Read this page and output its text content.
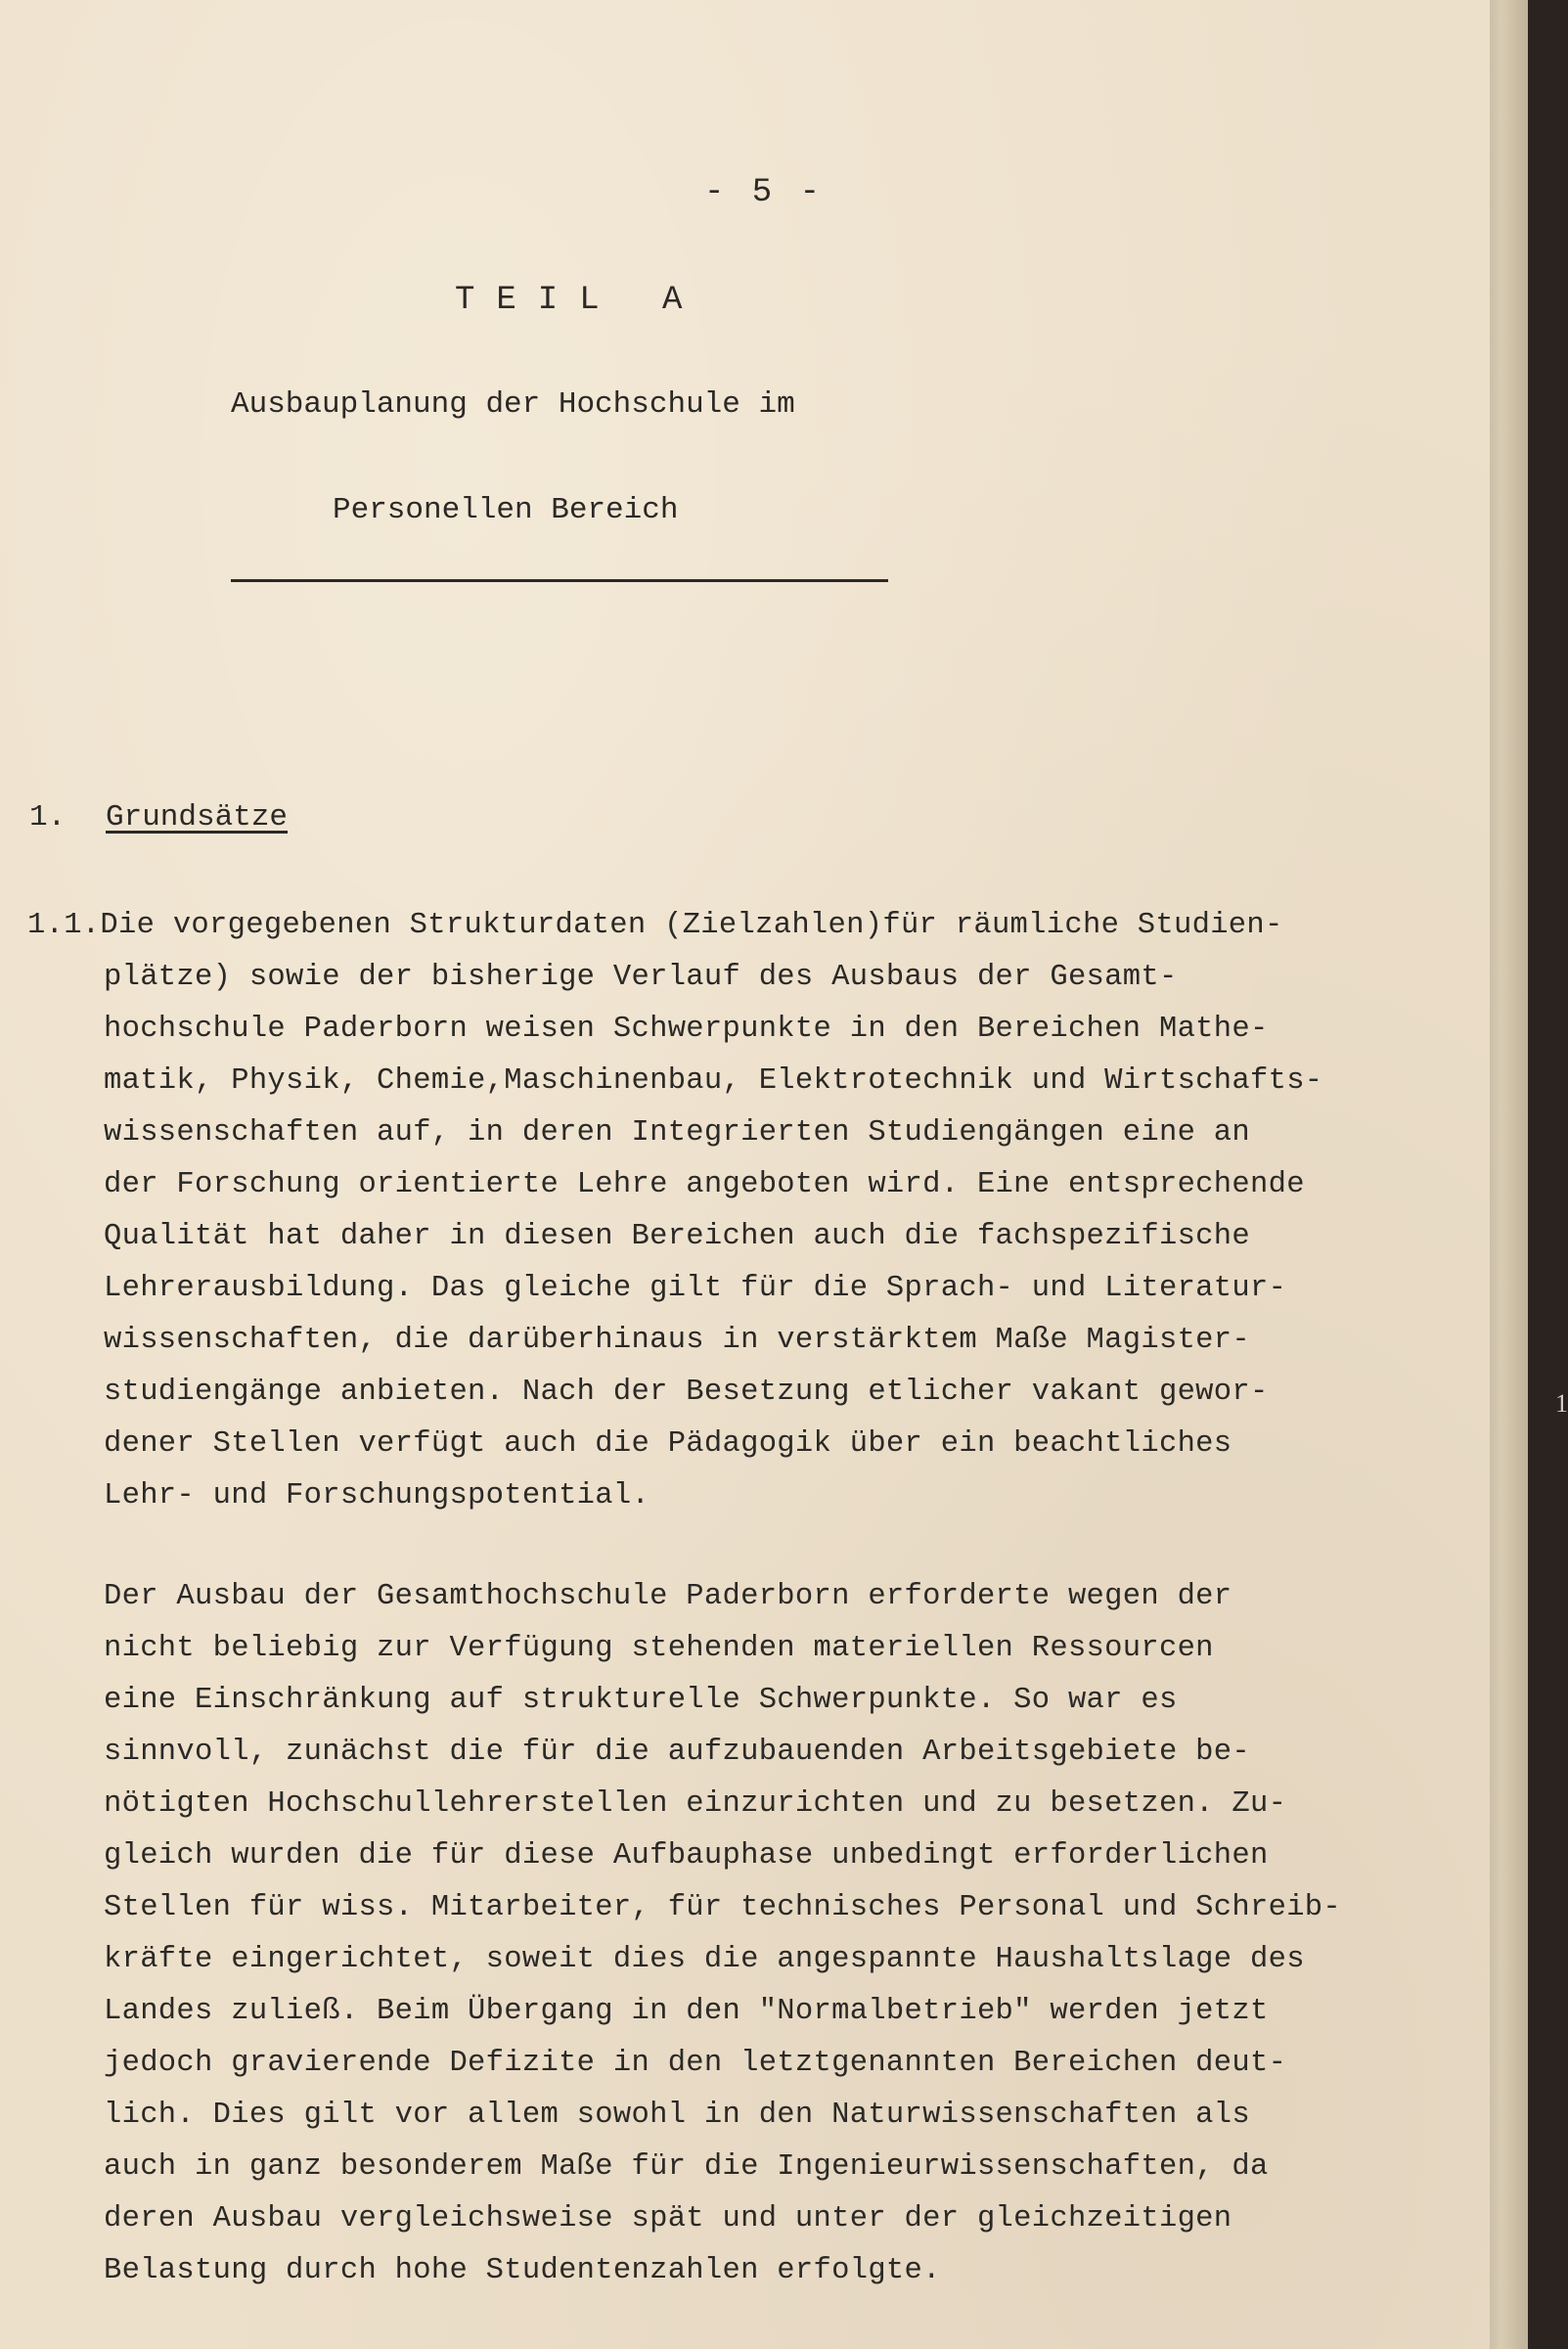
- 5 -
TEIL A
Ausbauplanung der Hochschule im
Personellen Bereich
1. Grundsätze
1.1.Die vorgegebenen Strukturdaten (Zielzahlen)für räumliche Studien-
plätze) sowie der bisherige Verlauf des Ausbaus der Gesamt-
hochschule Paderborn weisen Schwerpunkte in den Bereichen Mathe-
matik, Physik, Chemie,Maschinenbau, Elektrotechnik und Wirtschafts-
wissenschaften auf, in deren Integrierten Studiengängen eine an
der Forschung orientierte Lehre angeboten wird. Eine entsprechende
Qualität hat daher in diesen Bereichen auch die fachspezifische
Lehrerausbildung. Das gleiche gilt für die Sprach- und Literatur-
wissenschaften, die darüberhinaus in verstärktem Maße Magister-
studiengänge anbieten. Nach der Besetzung etlicher vakant gewor-
dener Stellen verfügt auch die Pädagogik über ein beachtliches
Lehr- und Forschungspotential.
Der Ausbau der Gesamthochschule Paderborn erforderte wegen der
nicht beliebig zur Verfügung stehenden materiellen Ressourcen
eine Einschränkung auf strukturelle Schwerpunkte. So war es
sinnvoll, zunächst die für die aufzubauenden Arbeitsgebiete be-
nötigten Hochschullehrerstellen einzurichten und zu besetzen. Zu-
gleich wurden die für diese Aufbauphase unbedingt erforderlichen
Stellen für wiss. Mitarbeiter, für technisches Personal und Schreib-
kräfte eingerichtet, soweit dies die angespannte Haushaltslage des
Landes zuließ. Beim Übergang in den "Normalbetrieb" werden jetzt
jedoch gravierende Defizite in den letztgenannten Bereichen deut-
lich. Dies gilt vor allem sowohl in den Naturwissenschaften als
auch in ganz besonderem Maße für die Ingenieurwissenschaften, da
deren Ausbau vergleichsweise spät und unter der gleichzeitigen
Belastung durch hohe Studentenzahlen erfolgte.
1
